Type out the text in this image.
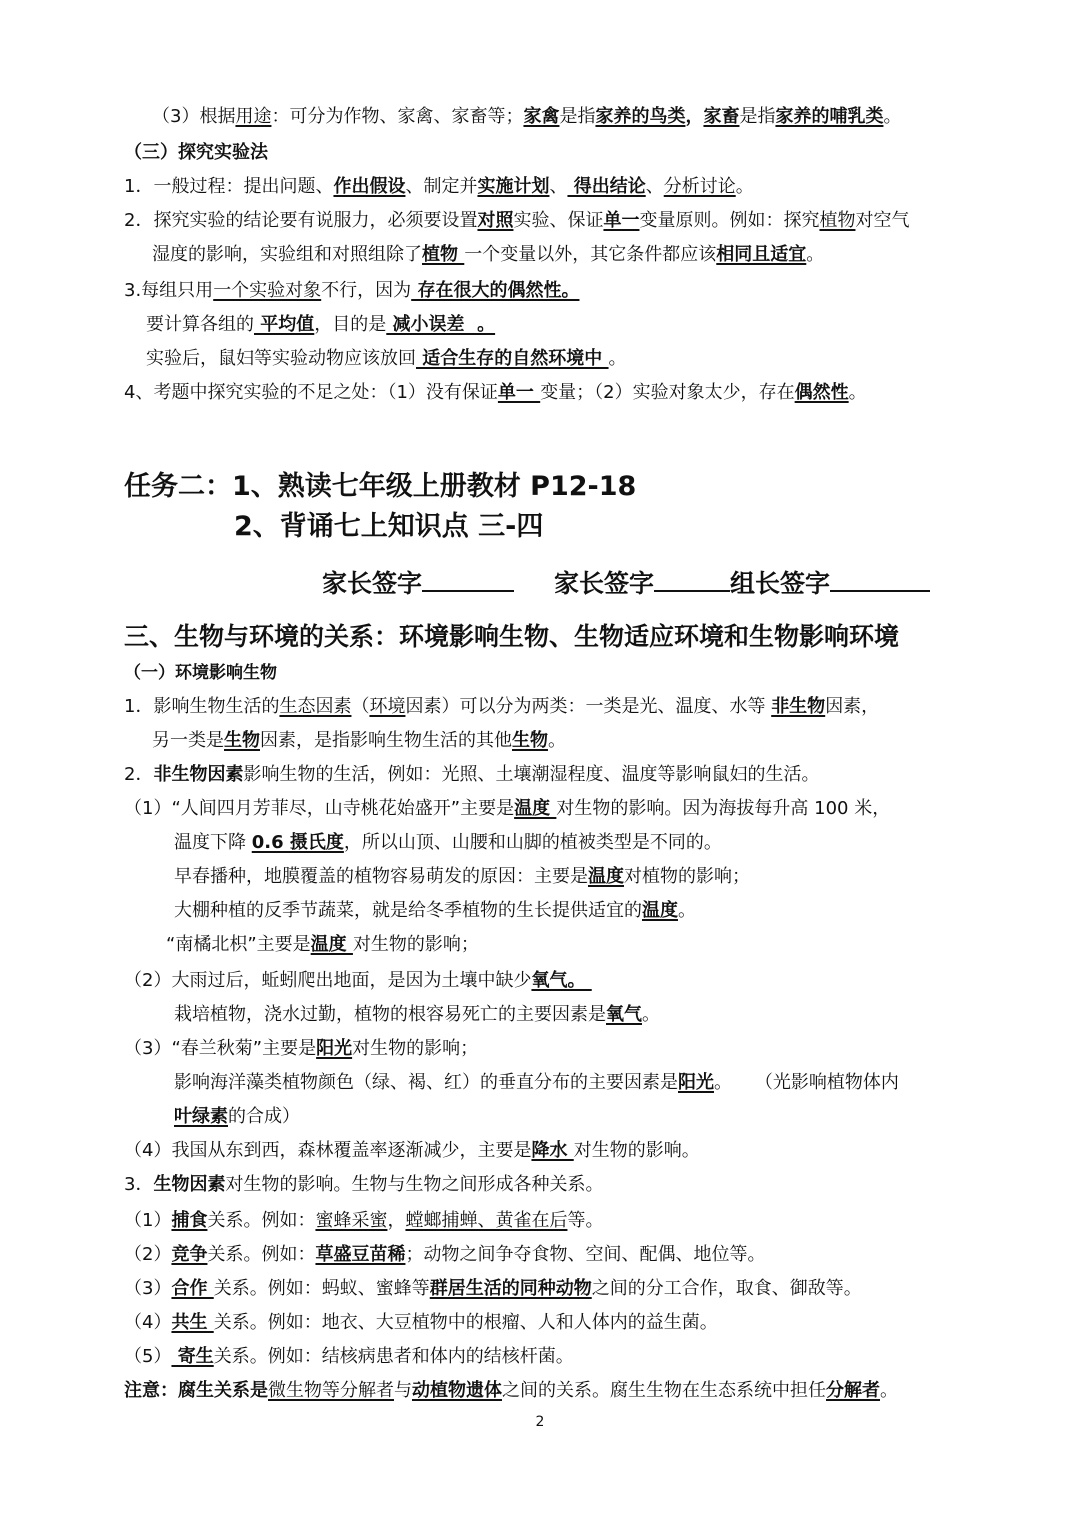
（3）根据用途：可分为作物、家禽、家畜等；家禽是指家养的鸟类，家畜是指家养的哺乳类。
（三）探究实验法
1．一般过程：提出问题、作出假设、制定并实施计划、 得出结论、分析讨论。
2．探究实验的结论要有说服力，必须要设置对照实验、保证单一变量原则。例如：探究植物对空气
湿度的影响，实验组和对照组除了植物 一个变量以外，其它条件都应该相同且适宜。
3.每组只用一个实验对象不行，因为 存在很大的偶然性。
要计算各组的 平均值，目的是 减小误差  。
实验后，鼠妇等实验动物应该放回 适合生存的自然环境中 。
4、考题中探究实验的不足之处：（1）没有保证单一 变量；（2）实验对象太少，存在偶然性。
任务二：1、熟读七年级上册教材 P12-18
2、背诵七上知识点 三-四
家长签字	家长签字	组长签字
三、生物与环境的关系：环境影响生物、生物适应环境和生物影响环境
（一）环境影响生物
1．影响生物生活的生态因素（环境因素）可以分为两类：一类是光、温度、水等 非生物因素，
另一类是生物因素，是指影响生物生活的其他生物。
2．非生物因素影响生物的生活，例如：光照、土壤潮湿程度、温度等影响鼠妇的生活。
（1）“人间四月芳菲尽，山寺桃花始盛开”主要是温度 对生物的影响。因为海拔每升高 100 米，
温度下降 0.6 摄氏度，所以山顶、山腰和山脚的植被类型是不同的。
早春播种，地膜覆盖的植物容易萌发的原因：主要是温度对植物的影响；
大棚种植的反季节蔬菜，就是给冬季植物的生长提供适宜的温度。
“南橘北枳”主要是温度 对生物的影响；
（2）大雨过后，蚯蚓爬出地面，是因为土壤中缺少氧气。
栽培植物，浇水过勤，植物的根容易死亡的主要因素是氧气。
（3）“春兰秋菊”主要是阳光对生物的影响；
影响海洋藻类植物颜色（绿、褐、红）的垂直分布的主要因素是阳光。    （光影响植物体内
叶绿素的合成）
（4）我国从东到西，森林覆盖率逐渐减少，主要是降水 对生物的影响。
3．生物因素对生物的影响。生物与生物之间形成各种关系。
（1）捕食关系。例如：蜜蜂采蜜，螳螂捕蝉、黄雀在后等。
（2）竞争关系。例如：草盛豆苗稀；动物之间争夺食物、空间、配偶、地位等。
（3）合作 关系。例如：蚂蚁、蜜蜂等群居生活的同种动物之间的分工合作，取食、御敌等。
（4）共生 关系。例如：地衣、大豆植物中的根瘤、人和人体内的益生菌。
（5） 寄生关系。例如：结核病患者和体内的结核杆菌。
注意：腐生关系是微生物等分解者与动植物遗体之间的关系。腐生生物在生态系统中担任分解者。
2
